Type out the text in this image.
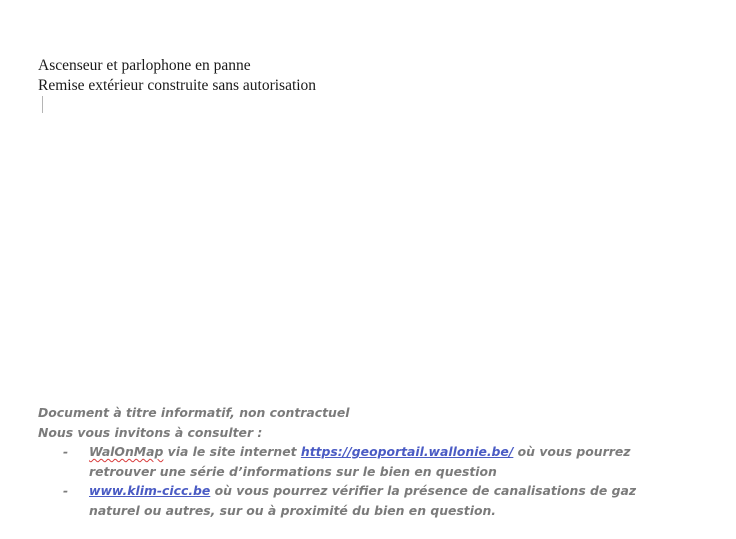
Ascenseur et parlophone en panne
Remise extérieur construite sans autorisation
Document à titre informatif, non contractuel
Nous vous invitons à consulter :
- WalOnMap via le site internet https://geoportail.wallonie.be/ où vous pourrez retrouver une série d’informations sur le bien en question
- www.klim-cicc.be où vous pourrez vérifier la présence de canalisations de gaz naturel ou autres, sur ou à proximité du bien en question.
